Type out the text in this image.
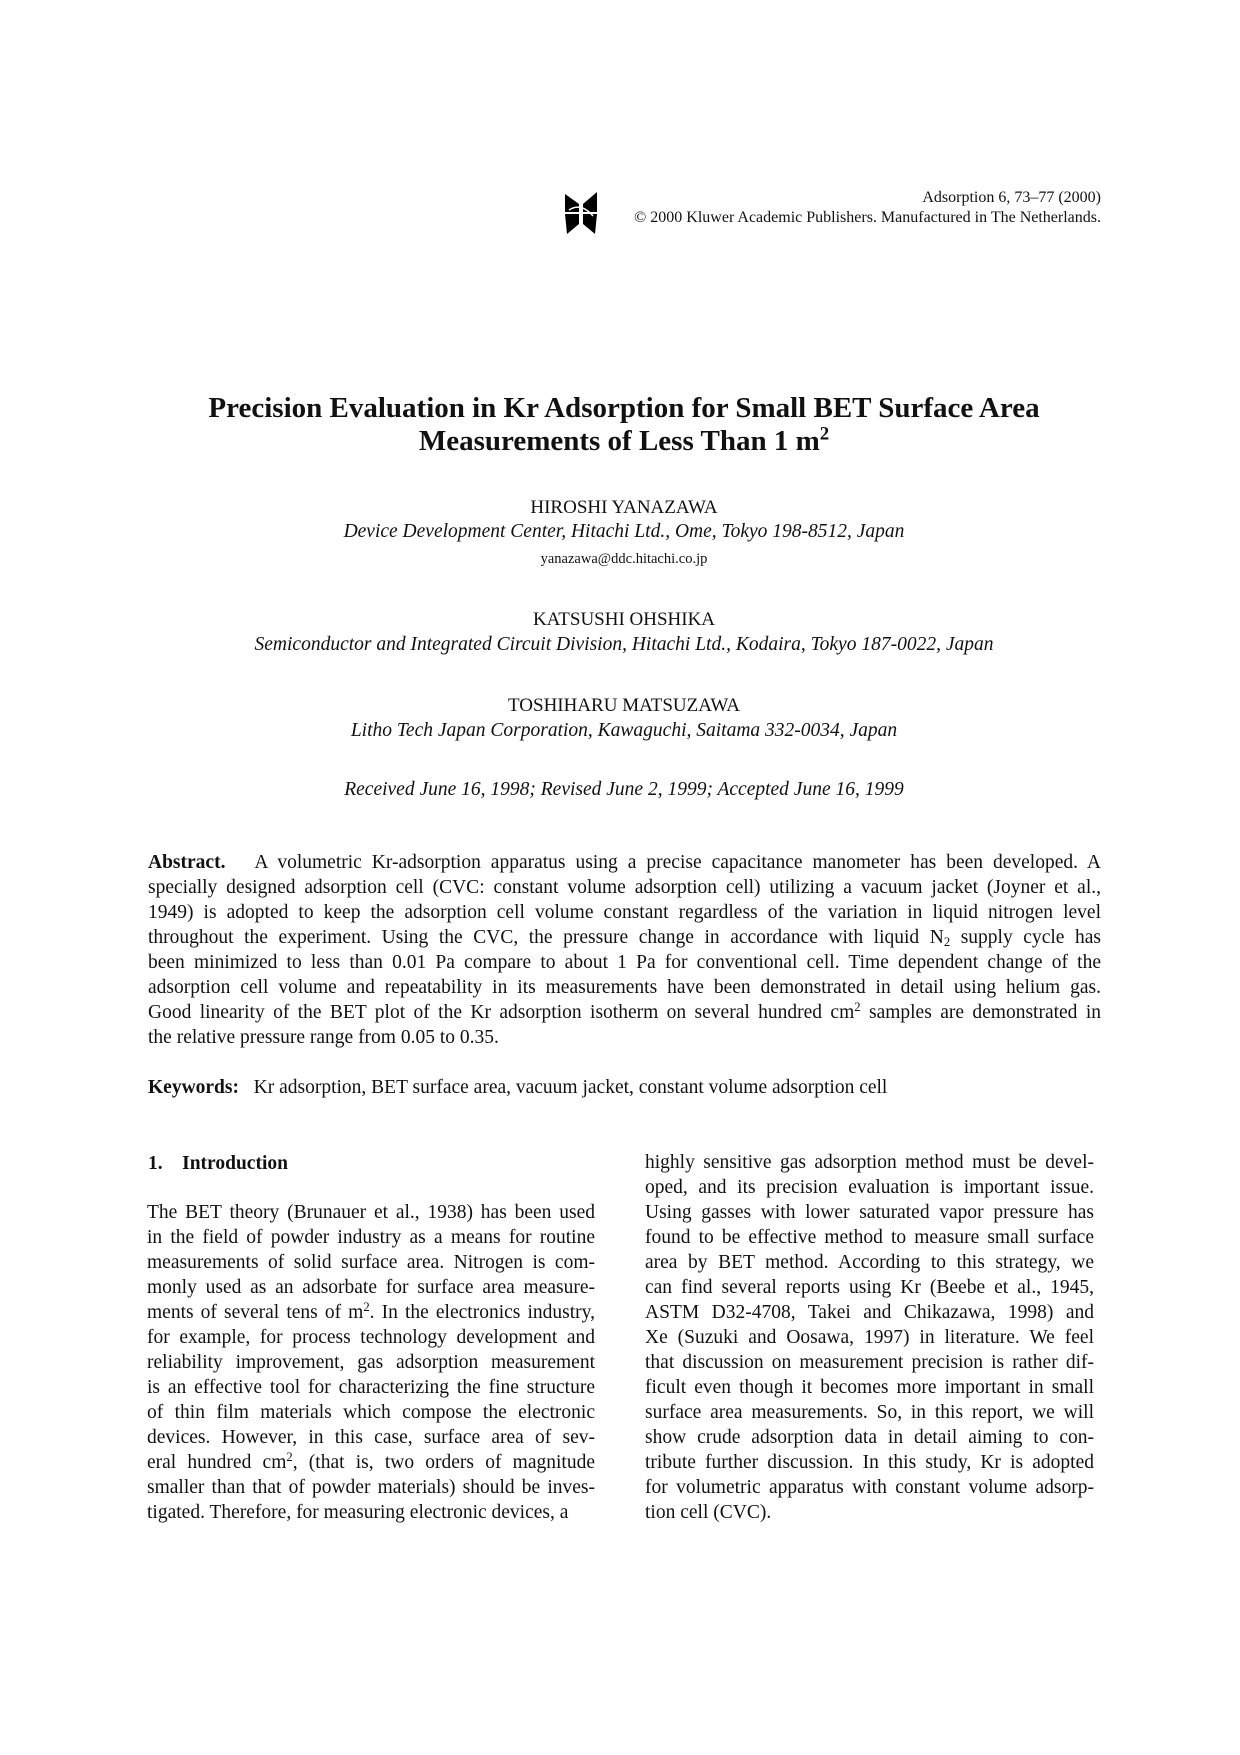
Adsorption 6, 73–77 (2000)
© 2000 Kluwer Academic Publishers. Manufactured in The Netherlands.
Precision Evaluation in Kr Adsorption for Small BET Surface Area
Measurements of Less Than 1 $m^2$
HIROSHI YANAZAWA
Device Development Center, Hitachi Ltd., Ome, Tokyo 198-8512, Japan
yanazawa@ddc.hitachi.co.jp
KATSUSHI OHSHIKA
Semiconductor and Integrated Circuit Division, Hitachi Ltd., Kodaira, Tokyo 187-0022, Japan
TOSHIHARU MATSUZAWA
Litho Tech Japan Corporation, Kawaguchi, Saitama 332-0034, Japan
Received June 16, 1998; Revised June 2, 1999; Accepted June 16, 1999
Abstract.   A volumetric Kr-adsorption apparatus using a precise capacitance manometer has been developed. A
specially designed adsorption cell (CVC: constant volume adsorption cell) utilizing a vacuum jacket (Joyner et al.,
1949) is adopted to keep the adsorption cell volume constant regardless of the variation in liquid nitrogen level
throughout the experiment. Using the CVC, the pressure change in accordance with liquid $N_2$ supply cycle has
been minimized to less than 0.01 Pa compare to about 1 Pa for conventional cell. Time dependent change of the
adsorption cell volume and repeatability in its measurements have been demonstrated in detail using helium gas.
Good linearity of the BET plot of the Kr adsorption isotherm on several hundred $cm^2$ samples are demonstrated in
the relative pressure range from 0.05 to 0.35.
Keywords: Kr adsorption, BET surface area, vacuum jacket, constant volume adsorption cell
1. Introduction
The BET theory (Brunauer et al., 1938) has been used
in the field of powder industry as a means for routine
measurements of solid surface area. Nitrogen is com-
monly used as an adsorbate for surface area measure-
ments of several tens of $m^2$. In the electronics industry,
for example, for process technology development and
reliability improvement, gas adsorption measurement
is an effective tool for characterizing the fine structure
of thin film materials which compose the electronic
devices. However, in this case, surface area of sev-
eral hundred $cm^2$, (that is, two orders of magnitude
smaller than that of powder materials) should be inves-
tigated. Therefore, for measuring electronic devices, a
highly sensitive gas adsorption method must be devel-
oped, and its precision evaluation is important issue.
Using gasses with lower saturated vapor pressure has
found to be effective method to measure small surface
area by BET method. According to this strategy, we
can find several reports using Kr (Beebe et al., 1945,
ASTM D32-4708, Takei and Chikazawa, 1998) and
Xe (Suzuki and Oosawa, 1997) in literature. We feel
that discussion on measurement precision is rather dif-
ficult even though it becomes more important in small
surface area measurements. So, in this report, we will
show crude adsorption data in detail aiming to con-
tribute further discussion. In this study, Kr is adopted
for volumetric apparatus with constant volume adsorp-
tion cell (CVC).
